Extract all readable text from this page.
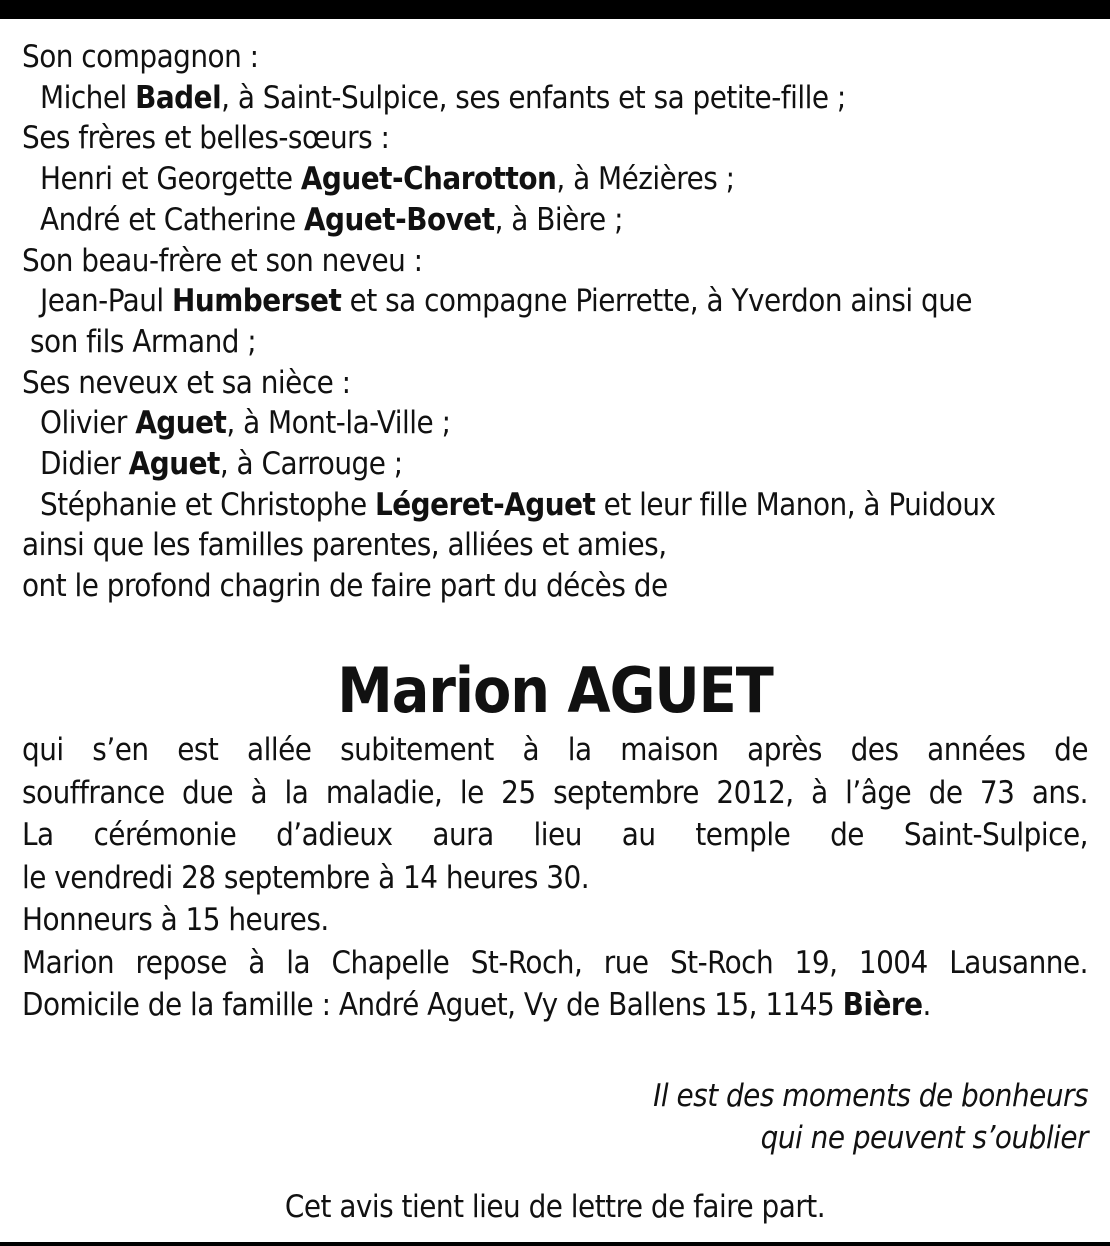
Son compagnon :
Michel Badel, à Saint-Sulpice, ses enfants et sa petite-fille ;
Ses frères et belles-sœurs :
Henri et Georgette Aguet-Charotton, à Mézières ;
André et Catherine Aguet-Bovet, à Bière ;
Son beau-frère et son neveu :
Jean-Paul Humberset et sa compagne Pierrette, à Yverdon ainsi que
son fils Armand ;
Ses neveux et sa nièce :
Olivier Aguet, à Mont-la-Ville ;
Didier Aguet, à Carrouge ;
Stéphanie et Christophe Légeret-Aguet et leur fille Manon, à Puidoux
ainsi que les familles parentes, alliées et amies,
ont le profond chagrin de faire part du décès de
Marion AGUET
qui s’en est allée subitement à la maison après des années de
souffrance due à la maladie, le 25 septembre 2012, à l’âge de 73 ans.
La cérémonie d’adieux aura lieu au temple de Saint-Sulpice,
le vendredi 28 septembre à 14 heures 30.
Honneurs à 15 heures.
Marion repose à la Chapelle St-Roch, rue St-Roch 19, 1004 Lausanne.
Domicile de la famille : André Aguet, Vy de Ballens 15, 1145 Bière.
Il est des moments de bonheurs
qui ne peuvent s’oublier
Cet avis tient lieu de lettre de faire part.
